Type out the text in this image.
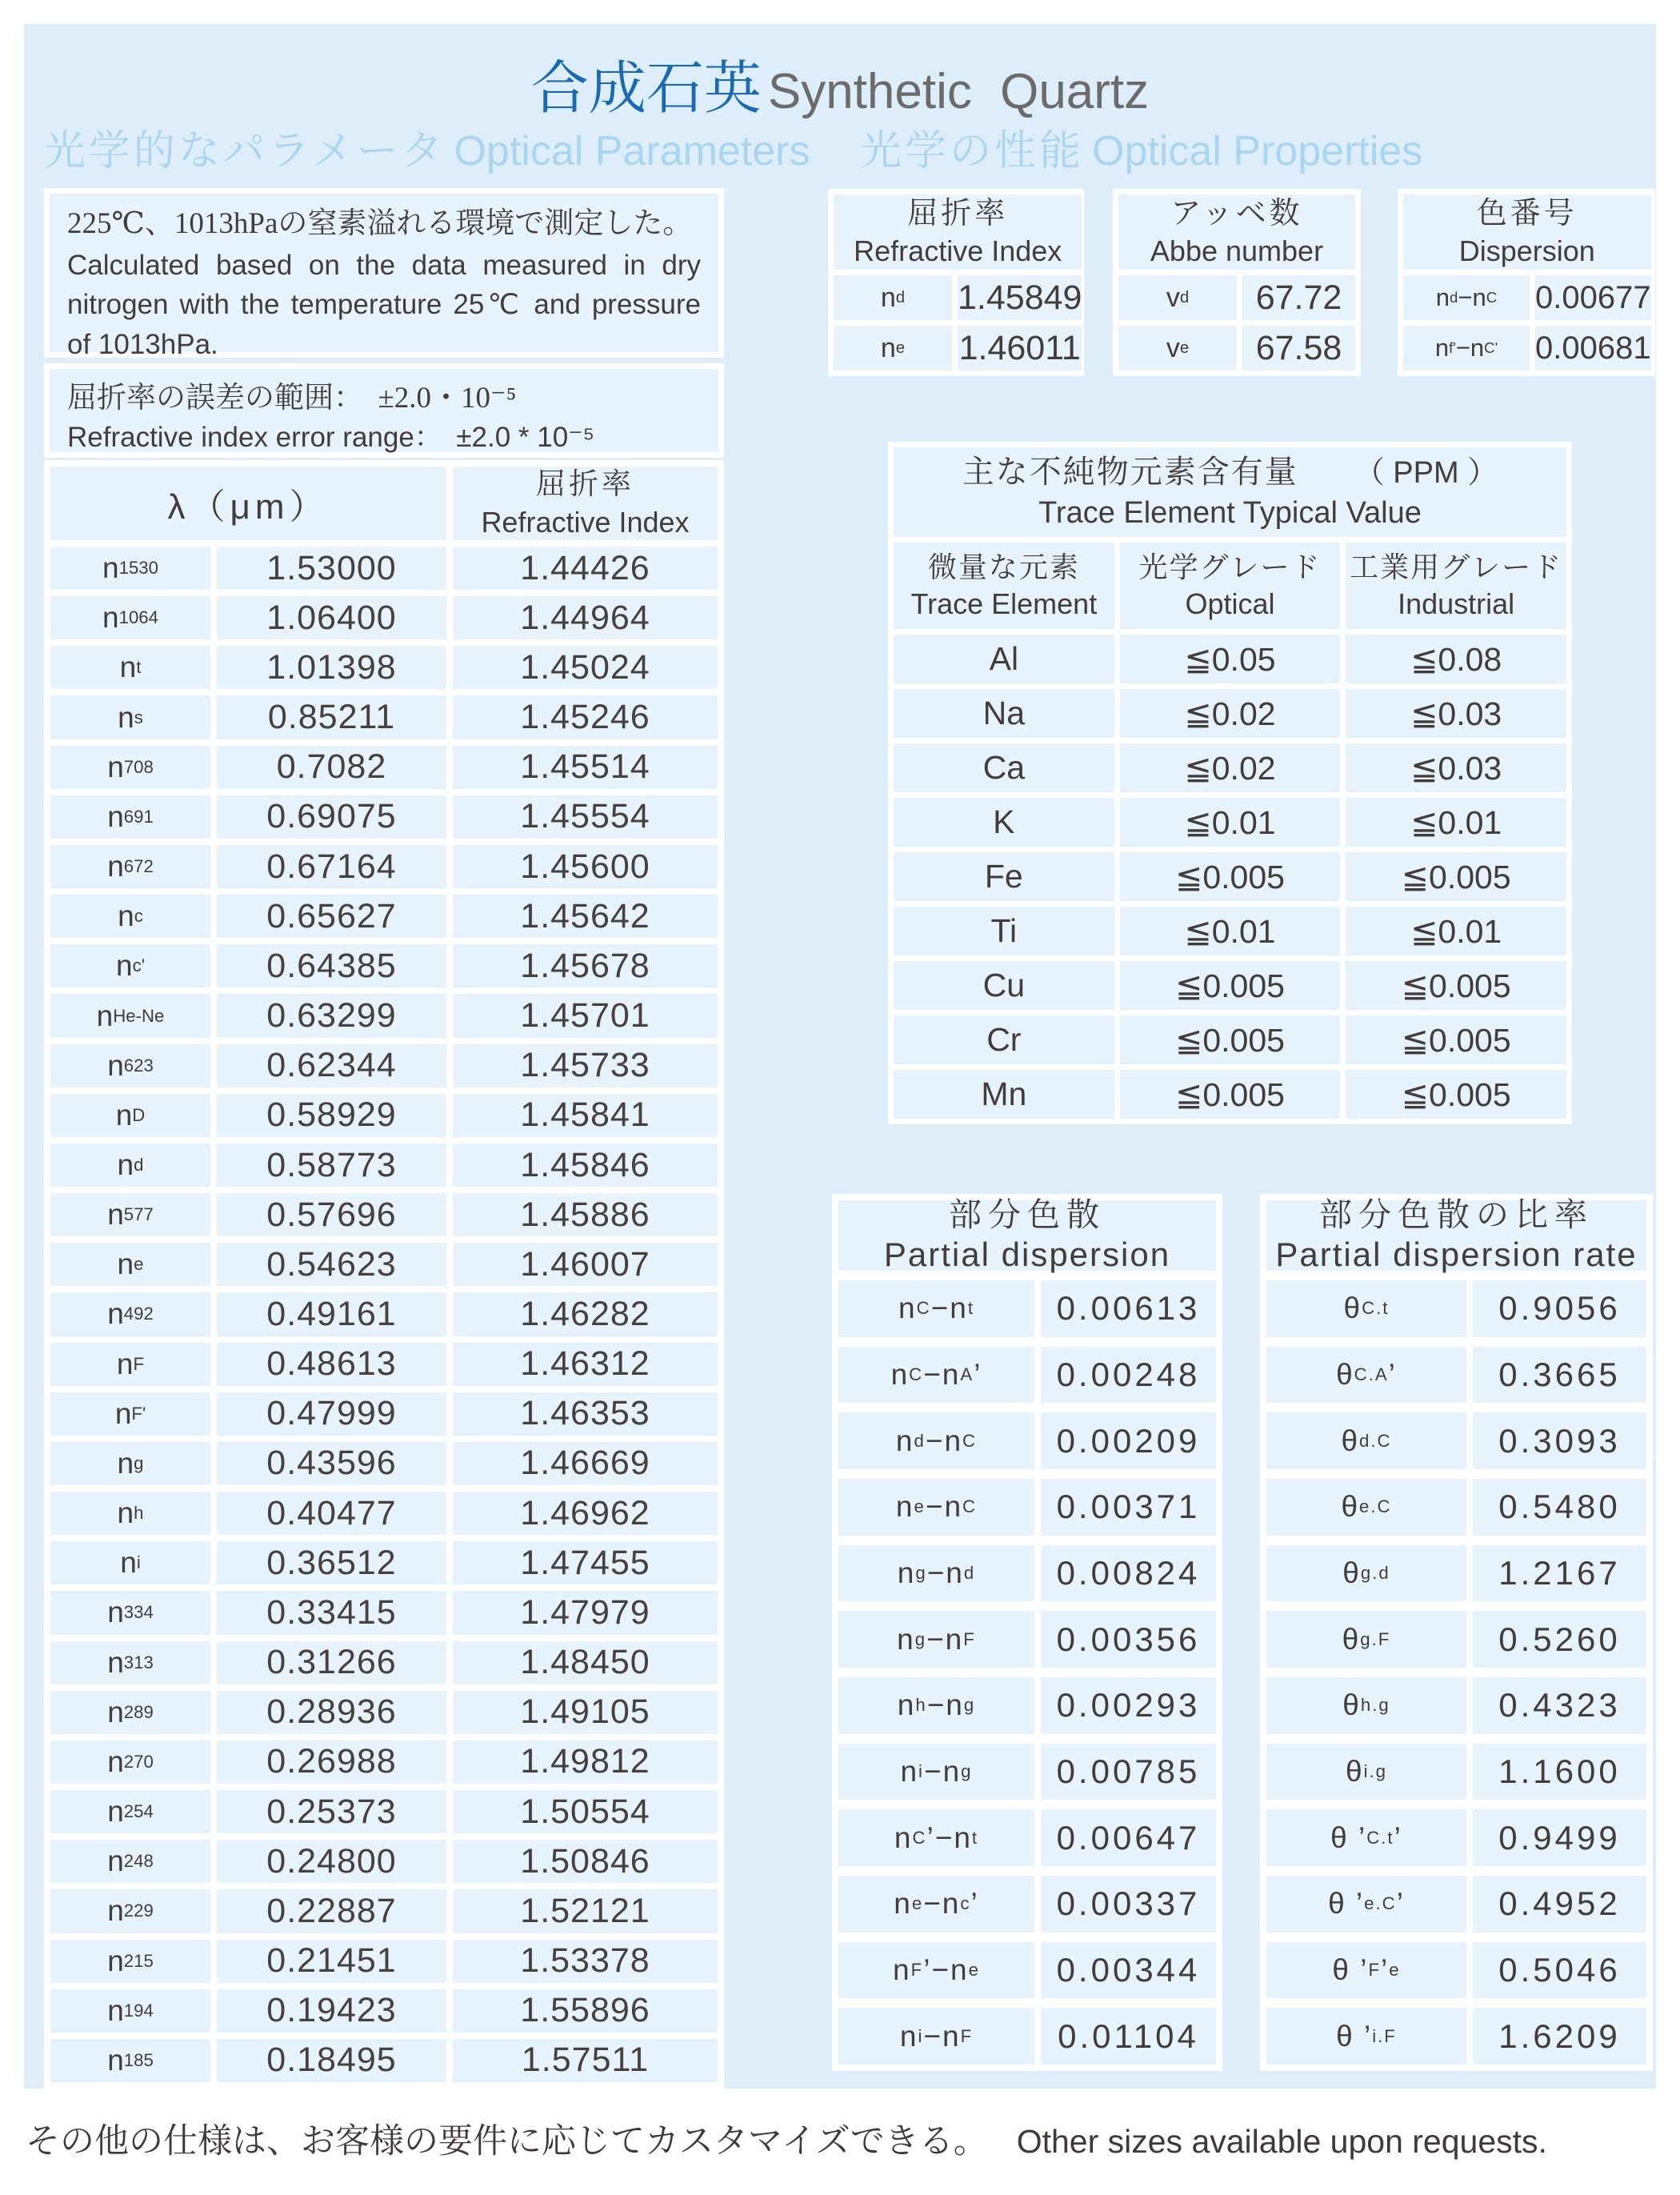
合成石英 Synthetic Quartz
光学的なパラメータ Optical Parameters 光学の性能 Optical Properties
225℃、1013hPaの窒素溢れる環境で測定した。
Calculated based on the data measured in dry nitrogen with the temperature 25℃ and pressure of 1013hPa.
屈折率の誤差の範囲：　±2.0・10⁻⁵
Refractive index error range：　±2.0 * 10⁻⁵
λ（μm）
屈折率
Refractive Index
n 1530	1.53000	1.44426
n 1064	1.06400	1.44964
n t	1.01398	1.45024
n s	0.85211	1.45246
n 708	0.7082	1.45514
n 691	0.69075	1.45554
n 672	0.67164	1.45600
n c	0.65627	1.45642
n c'	0.64385	1.45678
n He-Ne	0.63299	1.45701
n 623	0.62344	1.45733
n D	0.58929	1.45841
n d	0.58773	1.45846
n 577	0.57696	1.45886
n e	0.54623	1.46007
n 492	0.49161	1.46282
n F	0.48613	1.46312
n F'	0.47999	1.46353
n g	0.43596	1.46669
n h	0.40477	1.46962
n i	0.36512	1.47455
n 334	0.33415	1.47979
n 313	0.31266	1.48450
n 289	0.28936	1.49105
n 270	0.26988	1.49812
n 254	0.25373	1.50554
n 248	0.24800	1.50846
n 229	0.22887	1.52121
n 215	0.21451	1.53378
n 194	0.19423	1.55896
n 185	0.18495	1.57511
屈折率
Refractive Index
n d 1.45849
n e 1.46011
アッベ数
Abbe number
v d	67.72
v e	67.58
色番号
Dispersion
n d −n C 0.00677
n f' −n C' 0.00681
主な不純物元素含有量 （ PPM ）
Trace Element Typical Value
微量な元素
Trace Element
光学グレード
Optical
工業用グレード
Industrial
Al	≦0.05	≦0.08
Na	≦0.02	≦0.03
Ca	≦0.02	≦0.03
K	≦0.01	≦0.01
Fe	≦0.005	≦0.005
Ti	≦0.01	≦0.01
Cu	≦0.005	≦0.005
Cr	≦0.005	≦0.005
Mn	≦0.005	≦0.005
部分色散
Partial dispersion
n C −n t	0.00613
n C −n A ’	0.00248
n d −n C	0.00209
n e −n C	0.00371
n g −n d	0.00824
n g −n F	0.00356
n h −n g	0.00293
n i −n g	0.00785
n C ’−n t	0.00647
n e −n c ’	0.00337
n F ’−n e	0.00344
n i −n F	0.01104
部分色散の比率
Partial dispersion rate
θ C.t	0.9056
θ C.A ’	0.3665
θ d.C	0.3093
θ e.C	0.5480
θ g.d	1.2167
θ g.F	0.5260
θ h.g	0.4323
θ i.g	1.1600
θ ’ C.t ’	0.9499
θ ’ e.C ’	0.4952
θ ’ F ’ e	0.5046
θ ’ i.F	1.6209
その他の仕様は、お客様の要件に応じてカスタマイズできる。 Other sizes available upon requests.
